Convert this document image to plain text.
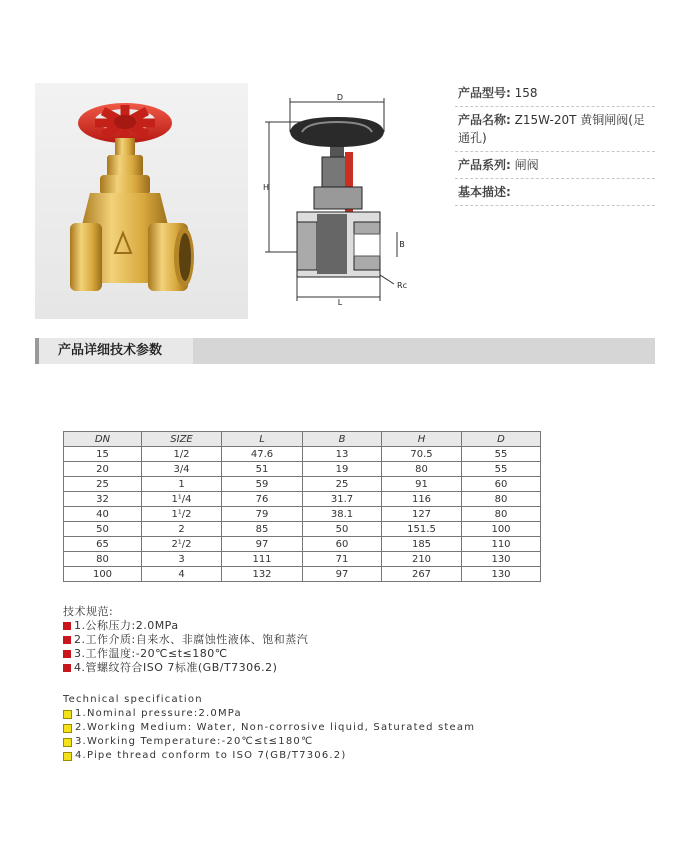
D
H
B
L
Rc
产品型号: 158
产品名称: Z15W-20T 黄铜闸阀(足通孔)
产品系列: 闸阀
基本描述:
产品详细技术参数
DN	SIZE	L	B	H	D
15	1/2	47.6	13	70.5	55
20	3/4	51	19	80	55
25	1	59	25	91	60
32	1¹/4	76	31.7	116	80
40	1¹/2	79	38.1	127	80
50	2	85	50	151.5	100
65	2¹/2	97	60	185	110
80	3	111	71	210	130
100	4	132	97	267	130
技术规范:
1.公称压力:2.0MPa
2.工作介质:自来水、非腐蚀性液体、饱和蒸汽
3.工作温度:-20℃≤t≤180℃
4.管螺纹符合ISO 7标准(GB/T7306.2)
Technical specification
1.Nominal pressure:2.0MPa
2.Working Medium: Water, Non-corrosive liquid, Saturated steam
3.Working Temperature:-20℃≤t≤180℃
4.Pipe thread conform to ISO 7(GB/T7306.2)
